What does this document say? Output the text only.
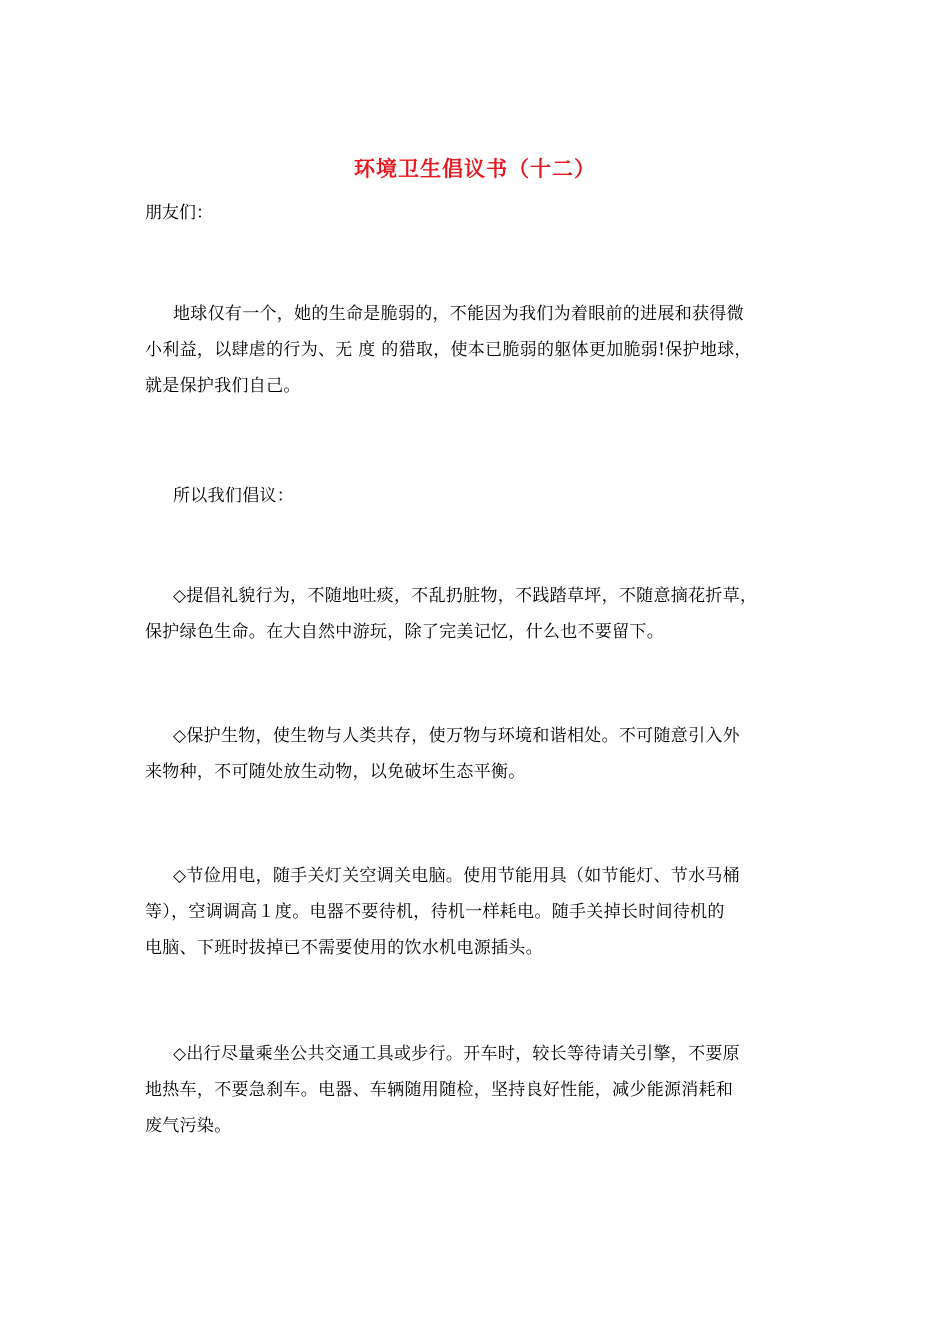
环境卫生倡议书（十二）
朋友们：
地球仅有一个，她的生命是脆弱的，不能因为我们为着眼前的进展和获得微
小利益，以肆虐的行为、无 度 的猎取，使本已脆弱的躯体更加脆弱!保护地球，
就是保护我们自己。
所以我们倡议：
◇提倡礼貌行为，不随地吐痰，不乱扔脏物，不践踏草坪，不随意摘花折草，
保护绿色生命。在大自然中游玩，除了完美记忆，什么也不要留下。
◇保护生物，使生物与人类共存，使万物与环境和谐相处。不可随意引入外
来物种，不可随处放生动物，以免破坏生态平衡。
◇节俭用电，随手关灯关空调关电脑。使用节能用具（如节能灯、节水马桶
等），空调调高１度。电器不要待机，待机一样耗电。随手关掉长时间待机的
电脑、下班时拔掉已不需要使用的饮水机电源插头。
◇出行尽量乘坐公共交通工具或步行。开车时，较长等待请关引擎，不要原
地热车，不要急刹车。电器、车辆随用随检，坚持良好性能，减少能源消耗和
废气污染。
